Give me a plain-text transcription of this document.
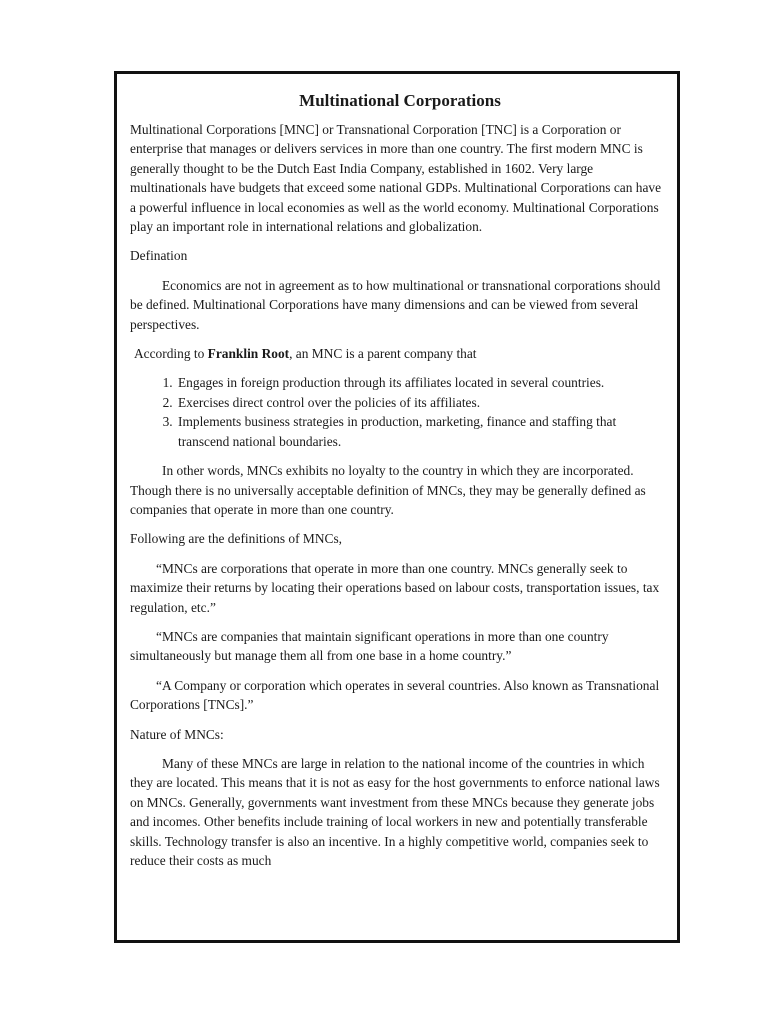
Multinational Corporations

Multinational Corporations [MNC] or Transnational Corporation [TNC] is a Corporation or enterprise that manages or delivers services in more than one country. The first modern MNC is generally thought to be the Dutch East India Company, established in 1602. Very large multinationals have budgets that exceed some national GDPs. Multinational Corporations can have a powerful influence in local economies as well as the world economy. Multinational Corporations play an important role in international relations and globalization.

Defination

Economics are not in agreement as to how multinational or transnational corporations should be defined. Multinational Corporations have many dimensions and can be viewed from several perspectives.

According to Franklin Root, an MNC is a parent company that

1. Engages in foreign production through its affiliates located in several countries.
2. Exercises direct control over the policies of its affiliates.
3. Implements business strategies in production, marketing, finance and staffing that transcend national boundaries.

In other words, MNCs exhibits no loyalty to the country in which they are incorporated. Though there is no universally acceptable definition of MNCs, they may be generally defined as companies that operate in more than one country.

Following are the definitions of MNCs,

“MNCs are corporations that operate in more than one country. MNCs generally seek to maximize their returns by locating their operations based on labour costs, transportation issues, tax regulation, etc.”

“MNCs are companies that maintain significant operations in more than one country simultaneously but manage them all from one base in a home country.”

“A Company or corporation which operates in several countries. Also known as Transnational Corporations [TNCs].”

Nature of MNCs:

Many of these MNCs are large in relation to the national income of the countries in which they are located. This means that it is not as easy for the host governments to enforce national laws on MNCs. Generally, governments want investment from these MNCs because they generate jobs and incomes. Other benefits include training of local workers in new and potentially transferable skills. Technology transfer is also an incentive. In a highly competitive world, companies seek to reduce their costs as much
